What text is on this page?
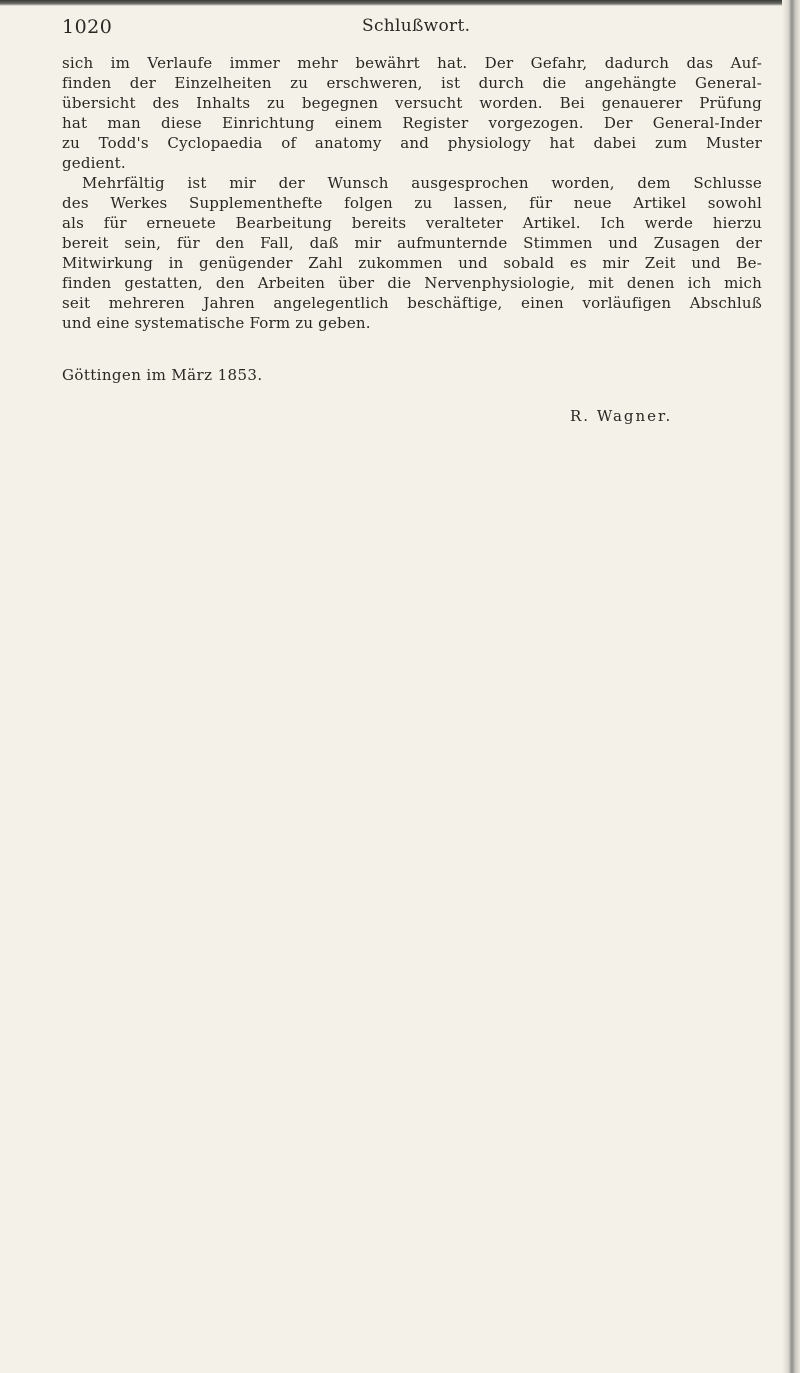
1020	Schlußwort.
sich im Verlaufe immer mehr bewährt hat. Der Gefahr, dadurch das Auf-
finden der Einzelheiten zu erschweren, ist durch die angehängte General-
übersicht des Inhalts zu begegnen versucht worden. Bei genauerer Prüfung
hat man diese Einrichtung einem Register vorgezogen. Der General-Inder
zu Todd's Cyclopaedia of anatomy and physiology hat dabei zum Muster
gedient.
Mehrfältig ist mir der Wunsch ausgesprochen worden, dem Schlusse
des Werkes Supplementhefte folgen zu lassen, für neue Artikel sowohl
als für erneuete Bearbeitung bereits veralteter Artikel. Ich werde hierzu
bereit sein, für den Fall, daß mir aufmunternde Stimmen und Zusagen der
Mitwirkung in genügender Zahl zukommen und sobald es mir Zeit und Be-
finden gestatten, den Arbeiten über die Nervenphysiologie, mit denen ich mich
seit mehreren Jahren angelegentlich beschäftige, einen vorläufigen Abschluß
und eine systematische Form zu geben.
Göttingen im März 1853.
R. Wagner.
